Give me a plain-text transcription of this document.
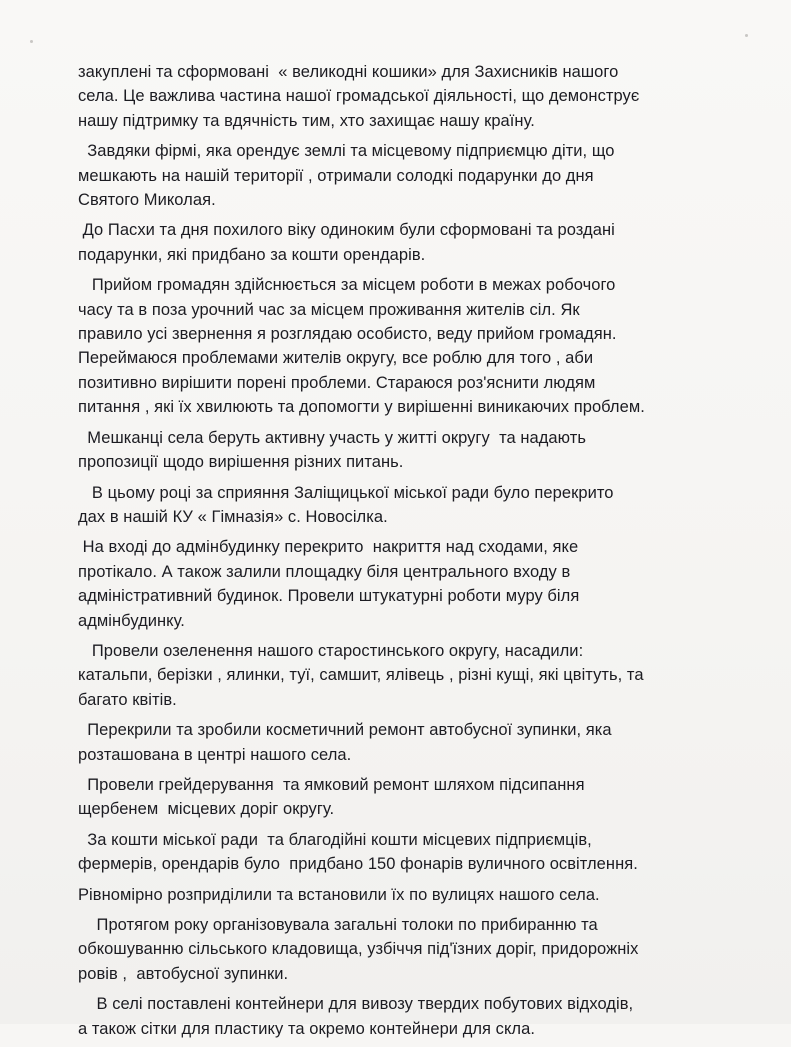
закуплені та сформовані  « великодні кошики» для Захисників нашого
села. Це важлива частина нашої громадської діяльності, що демонструє
нашу підтримку та вдячність тим, хто захищає нашу країну.
Завдяки фірмі, яка орендує землі та місцевому підприємцю діти, що
мешкають на нашій території , отримали солодкі подарунки до дня
Святого Миколая.
До Пасхи та дня похилого віку одиноким були сформовані та роздані
подарунки, які придбано за кошти орендарів.
Прийом громадян здійснюється за місцем роботи в межах робочого
часу та в поза урочний час за місцем проживання жителів сіл. Як
правило усі звернення я розглядаю особисто, веду прийом громадян.
Переймаюся проблемами жителів округу, все роблю для того , аби
позитивно вирішити порені проблеми. Стараюся роз'яснити людям
питання , які їх хвилюють та допомогти у вирішенні виникаючих проблем.
Мешканці села беруть активну участь у житті округу  та надають
пропозиції щодо вирішення різних питань.
В цьому році за сприяння Заліщицької міської ради було перекрито
дах в нашій КУ « Гімназія» с. Новосілка.
На вході до адмінбудинку перекрито  накриття над сходами, яке
протікало. А також залили площадку біля центрального входу в
адміністративний будинок. Провели штукатурні роботи муру біля
адмінбудинку.
Провели озеленення нашого старостинського округу, насадили:
катальпи, берізки , ялинки, туї, самшит, ялівець , різні кущі, які цвітуть, та
багато квітів.
Перекрили та зробили косметичний ремонт автобусної зупинки, яка
розташована в центрі нашого села.
Провели грейдерування  та ямковий ремонт шляхом підсипання
щербенем  місцевих доріг округу.
За кошти міської ради  та благодійні кошти місцевих підприємців,
фермерів, орендарів було  придбано 150 фонарів вуличного освітлення.
Рівномірно розприділили та встановили їх по вулицях нашого села.
Протягом року організовувала загальні толоки по прибиранню та
обкошуванню сільського кладовища, узбіччя під'їзних доріг, придорожніх
ровів ,  автобусної зупинки.
В селі поставлені контейнери для вивозу твердих побутових відходів,
а також сітки для пластику та окремо контейнери для скла.
